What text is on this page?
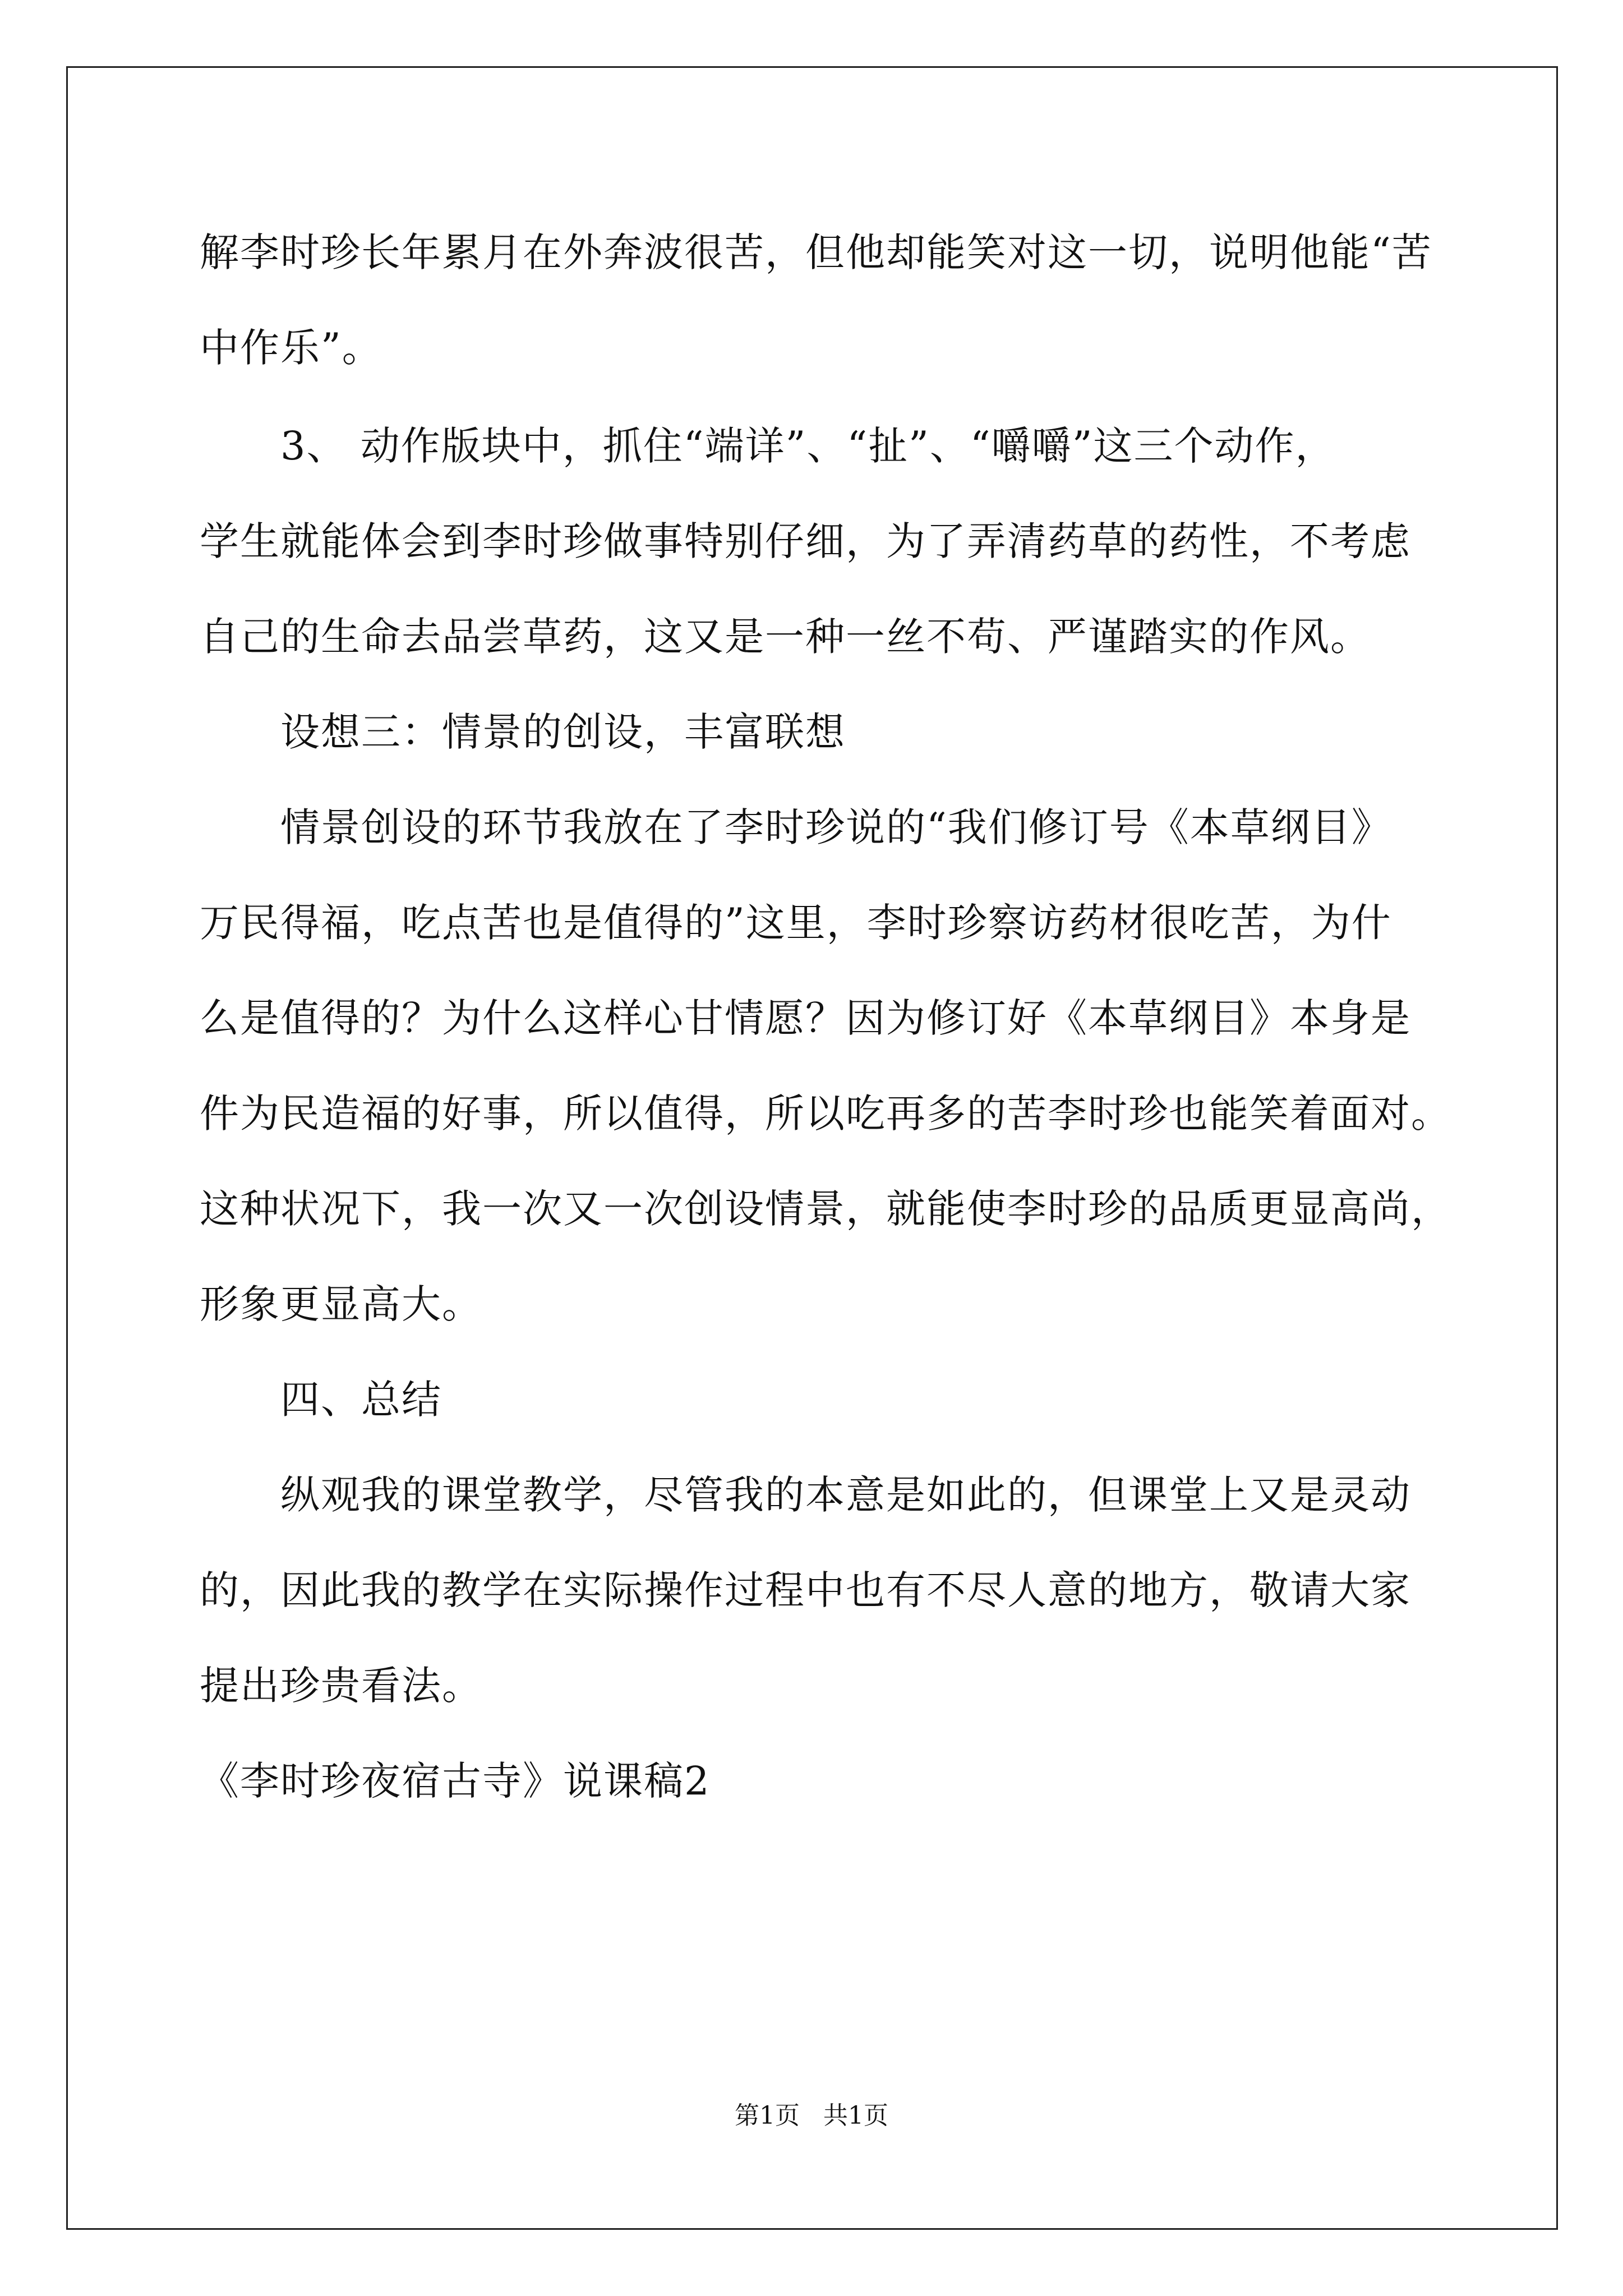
解李时珍长年累月在外奔波很苦，但他却能笑对这一切，说明他能“苦
中作乐”。
3、 动作版块中，抓住“端详”、“扯”、“嚼嚼”这三个动作，
学生就能体会到李时珍做事特别仔细，为了弄清药草的药性，不考虑
自己的生命去品尝草药，这又是一种一丝不苟、严谨踏实的作风。
设想三：情景的创设，丰富联想
情景创设的环节我放在了李时珍说的“我们修订号《本草纲目》
万民得福，吃点苦也是值得的”这里，李时珍察访药材很吃苦，为什
么是值得的？为什么这样心甘情愿？因为修订好《本草纲目》本身是
件为民造福的好事，所以值得，所以吃再多的苦李时珍也能笑着面对。
这种状况下，我一次又一次创设情景，就能使李时珍的品质更显高尚，
形象更显高大。
四、总结
纵观我的课堂教学，尽管我的本意是如此的，但课堂上又是灵动
的，因此我的教学在实际操作过程中也有不尽人意的地方，敬请大家
提出珍贵看法。
《李时珍夜宿古寺》说课稿2
第1页   共1页
